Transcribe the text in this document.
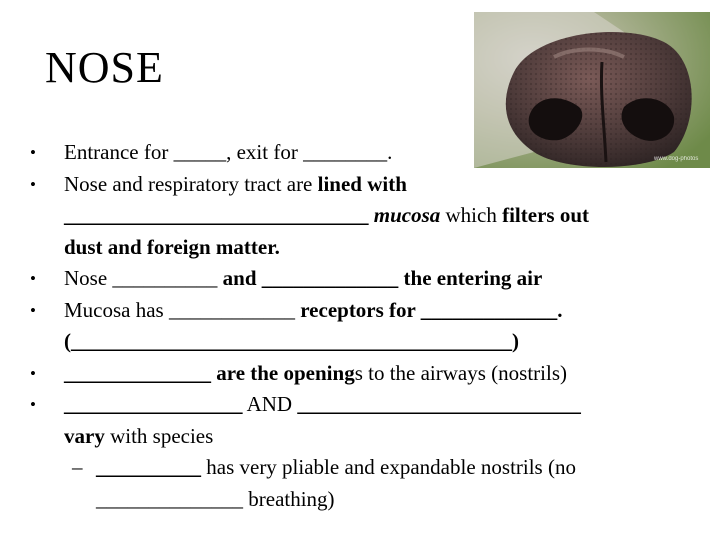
NOSE
www.dog-photos
•	Entrance for _____, exit for ________.
•	Nose and respiratory tract are lined with
_____________________________ mucosa which filters out
dust and foreign matter.
•	Nose __________ and _____________ the entering air
•	Mucosa has ____________ receptors for _____________.
(__________________________________________)
•	______________ are the openings to the airways (nostrils)
•	_________________ AND ___________________________
vary with species
– __________ has very pliable and expandable nostrils (no
______________ breathing)
